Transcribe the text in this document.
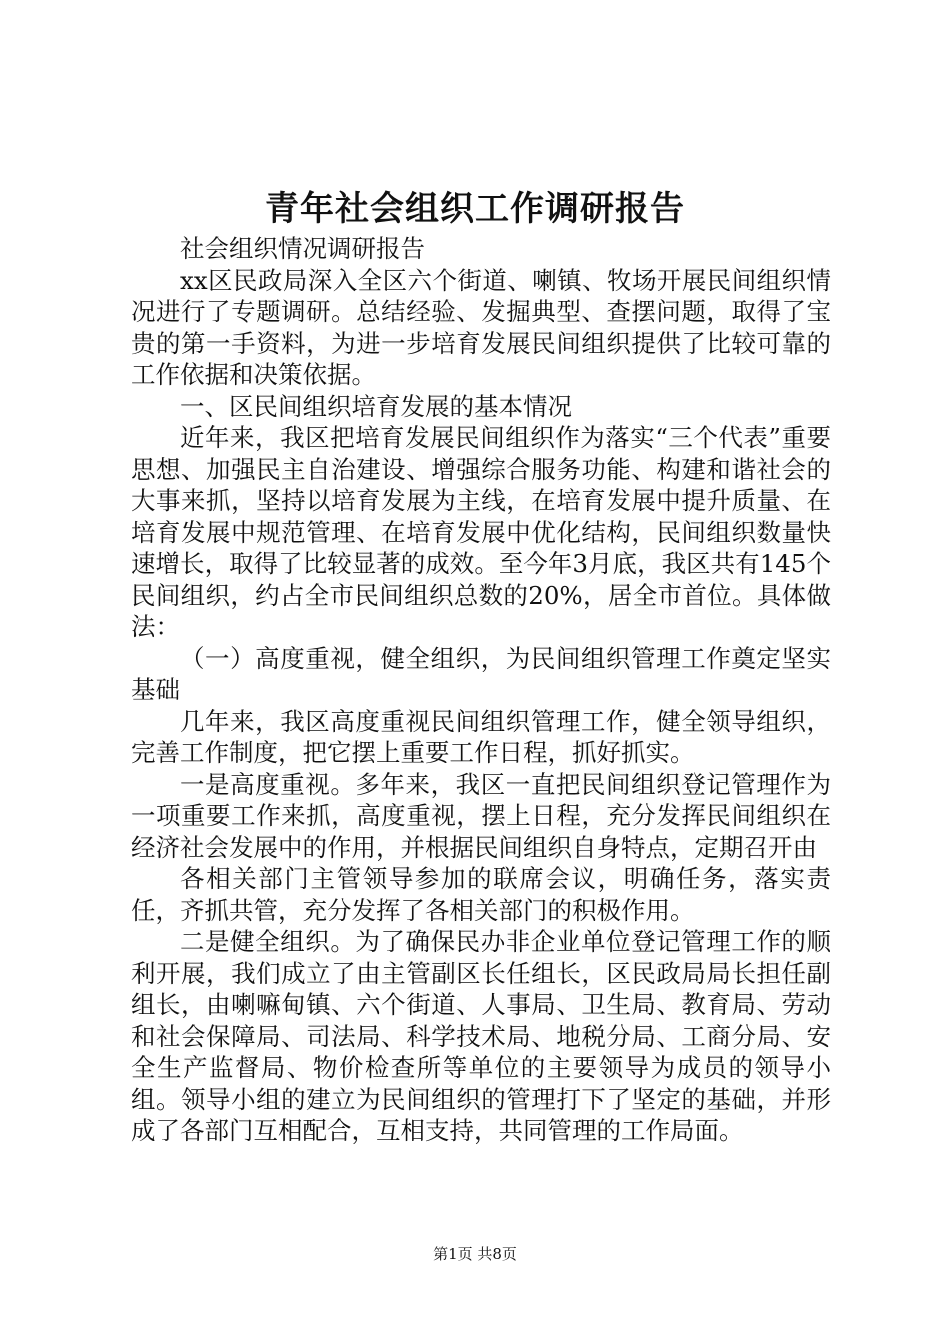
青年社会组织工作调研报告

社会组织情况调研报告

xx区民政局深入全区六个街道、喇镇、牧场开展民间组织情况进行了专题调研。总结经验、发掘典型、查摆问题，取得了宝贵的第一手资料，为进一步培育发展民间组织提供了比较可靠的工作依据和决策依据。

一、区民间组织培育发展的基本情况

近年来，我区把培育发展民间组织作为落实“三个代表”重要思想、加强民主自治建设、增强综合服务功能、构建和谐社会的大事来抓，坚持以培育发展为主线，在培育发展中提升质量、在培育发展中规范管理、在培育发展中优化结构，民间组织数量快速增长，取得了比较显著的成效。至今年3月底，我区共有145个民间组织，约占全市民间组织总数的20%，居全市首位。具体做法：

（一）高度重视，健全组织，为民间组织管理工作奠定坚实基础

几年来，我区高度重视民间组织管理工作，健全领导组织，完善工作制度，把它摆上重要工作日程，抓好抓实。

一是高度重视。多年来，我区一直把民间组织登记管理作为一项重要工作来抓，高度重视，摆上日程，充分发挥民间组织在经济社会发展中的作用，并根据民间组织自身特点，定期召开由

各相关部门主管领导参加的联席会议，明确任务，落实责任，齐抓共管，充分发挥了各相关部门的积极作用。

二是健全组织。为了确保民办非企业单位登记管理工作的顺利开展，我们成立了由主管副区长任组长，区民政局局长担任副组长，由喇嘛甸镇、六个街道、人事局、卫生局、教育局、劳动和社会保障局、司法局、科学技术局、地税分局、工商分局、安全生产监督局、物价检查所等单位的主要领导为成员的领导小组。领导小组的建立为民间组织的管理打下了坚定的基础，并形成了各部门互相配合，互相支持，共同管理的工作局面。

第1页 共8页
